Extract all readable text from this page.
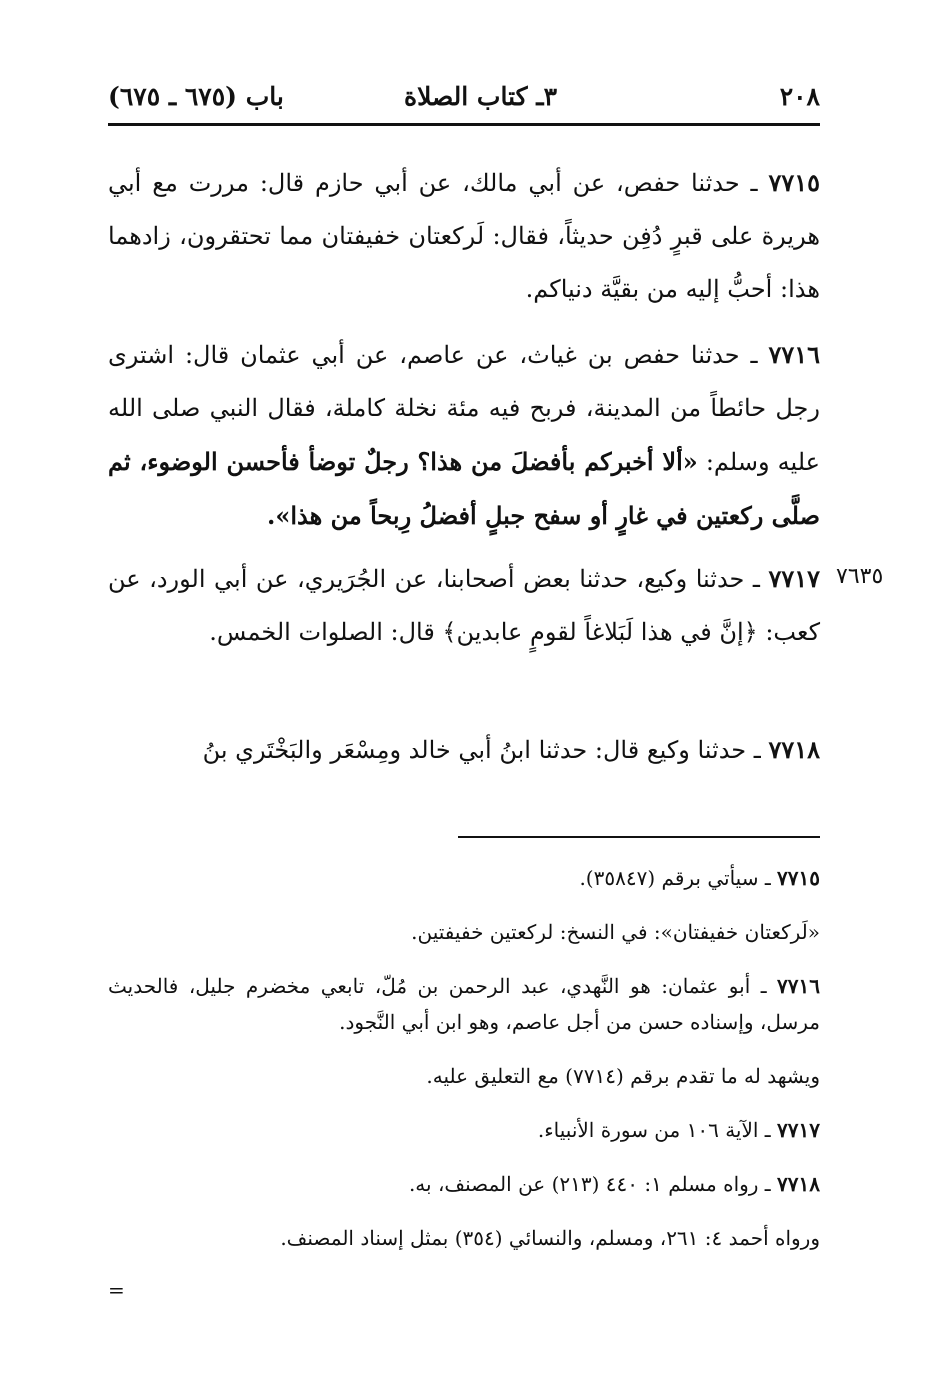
٢٠٨
٣ـ كتاب الصلاة
باب (٦٧٥ ـ ٦٧٥)
٧٧١٥ ـ حدثنا حفص، عن أبي مالك، عن أبي حازم قال: مررت مع أبي هريرة على قبرٍ دُفِن حديثاً، فقال: لَركعتان خفيفتان مما تحتقرون، زادهما هذا: أحبُّ إليه من بقيَّة دنياكم.
٧٧١٦ ـ حدثنا حفص بن غياث، عن عاصم، عن أبي عثمان قال: اشترى رجل حائطاً من المدينة، فربح فيه مئة نخلة كاملة، فقال النبي صلى الله عليه وسلم: «ألا أخبركم بأفضلَ من هذا؟ رجلٌ توضأ فأحسن الوضوء، ثم صلَّى ركعتين في غارٍ أو سفح جبلٍ أفضلُ رِبحاً من هذا».
٧٧١٧ ـ حدثنا وكيع، حدثنا بعض أصحابنا، عن الجُرَيري، عن أبي الورد، عن كعب: ﴿إنَّ في هذا لَبَلاغاً لقومٍ عابدين﴾ قال: الصلوات الخمس.
٧٦٣٥
٧٧١٨ ـ حدثنا وكيع قال: حدثنا ابنُ أبي خالد ومِسْعَر والبَخْتَري بنُ
٧٧١٥ ـ سيأتي برقم (٣٥٨٤٧).
«لَركعتان خفيفتان»: في النسخ: لركعتين خفيفتين.
٧٧١٦ ـ أبو عثمان: هو النَّهدي، عبد الرحمن بن مُلّ، تابعي مخضرم جليل، فالحديث مرسل، وإسناده حسن من أجل عاصم، وهو ابن أبي النَّجود.
ويشهد له ما تقدم برقم (٧٧١٤) مع التعليق عليه.
٧٧١٧ ـ الآية ١٠٦ من سورة الأنبياء.
٧٧١٨ ـ رواه مسلم ١: ٤٤٠ (٢١٣) عن المصنف، به.
ورواه أحمد ٤: ٢٦١، ومسلم، والنسائي (٣٥٤) بمثل إسناد المصنف.
=
